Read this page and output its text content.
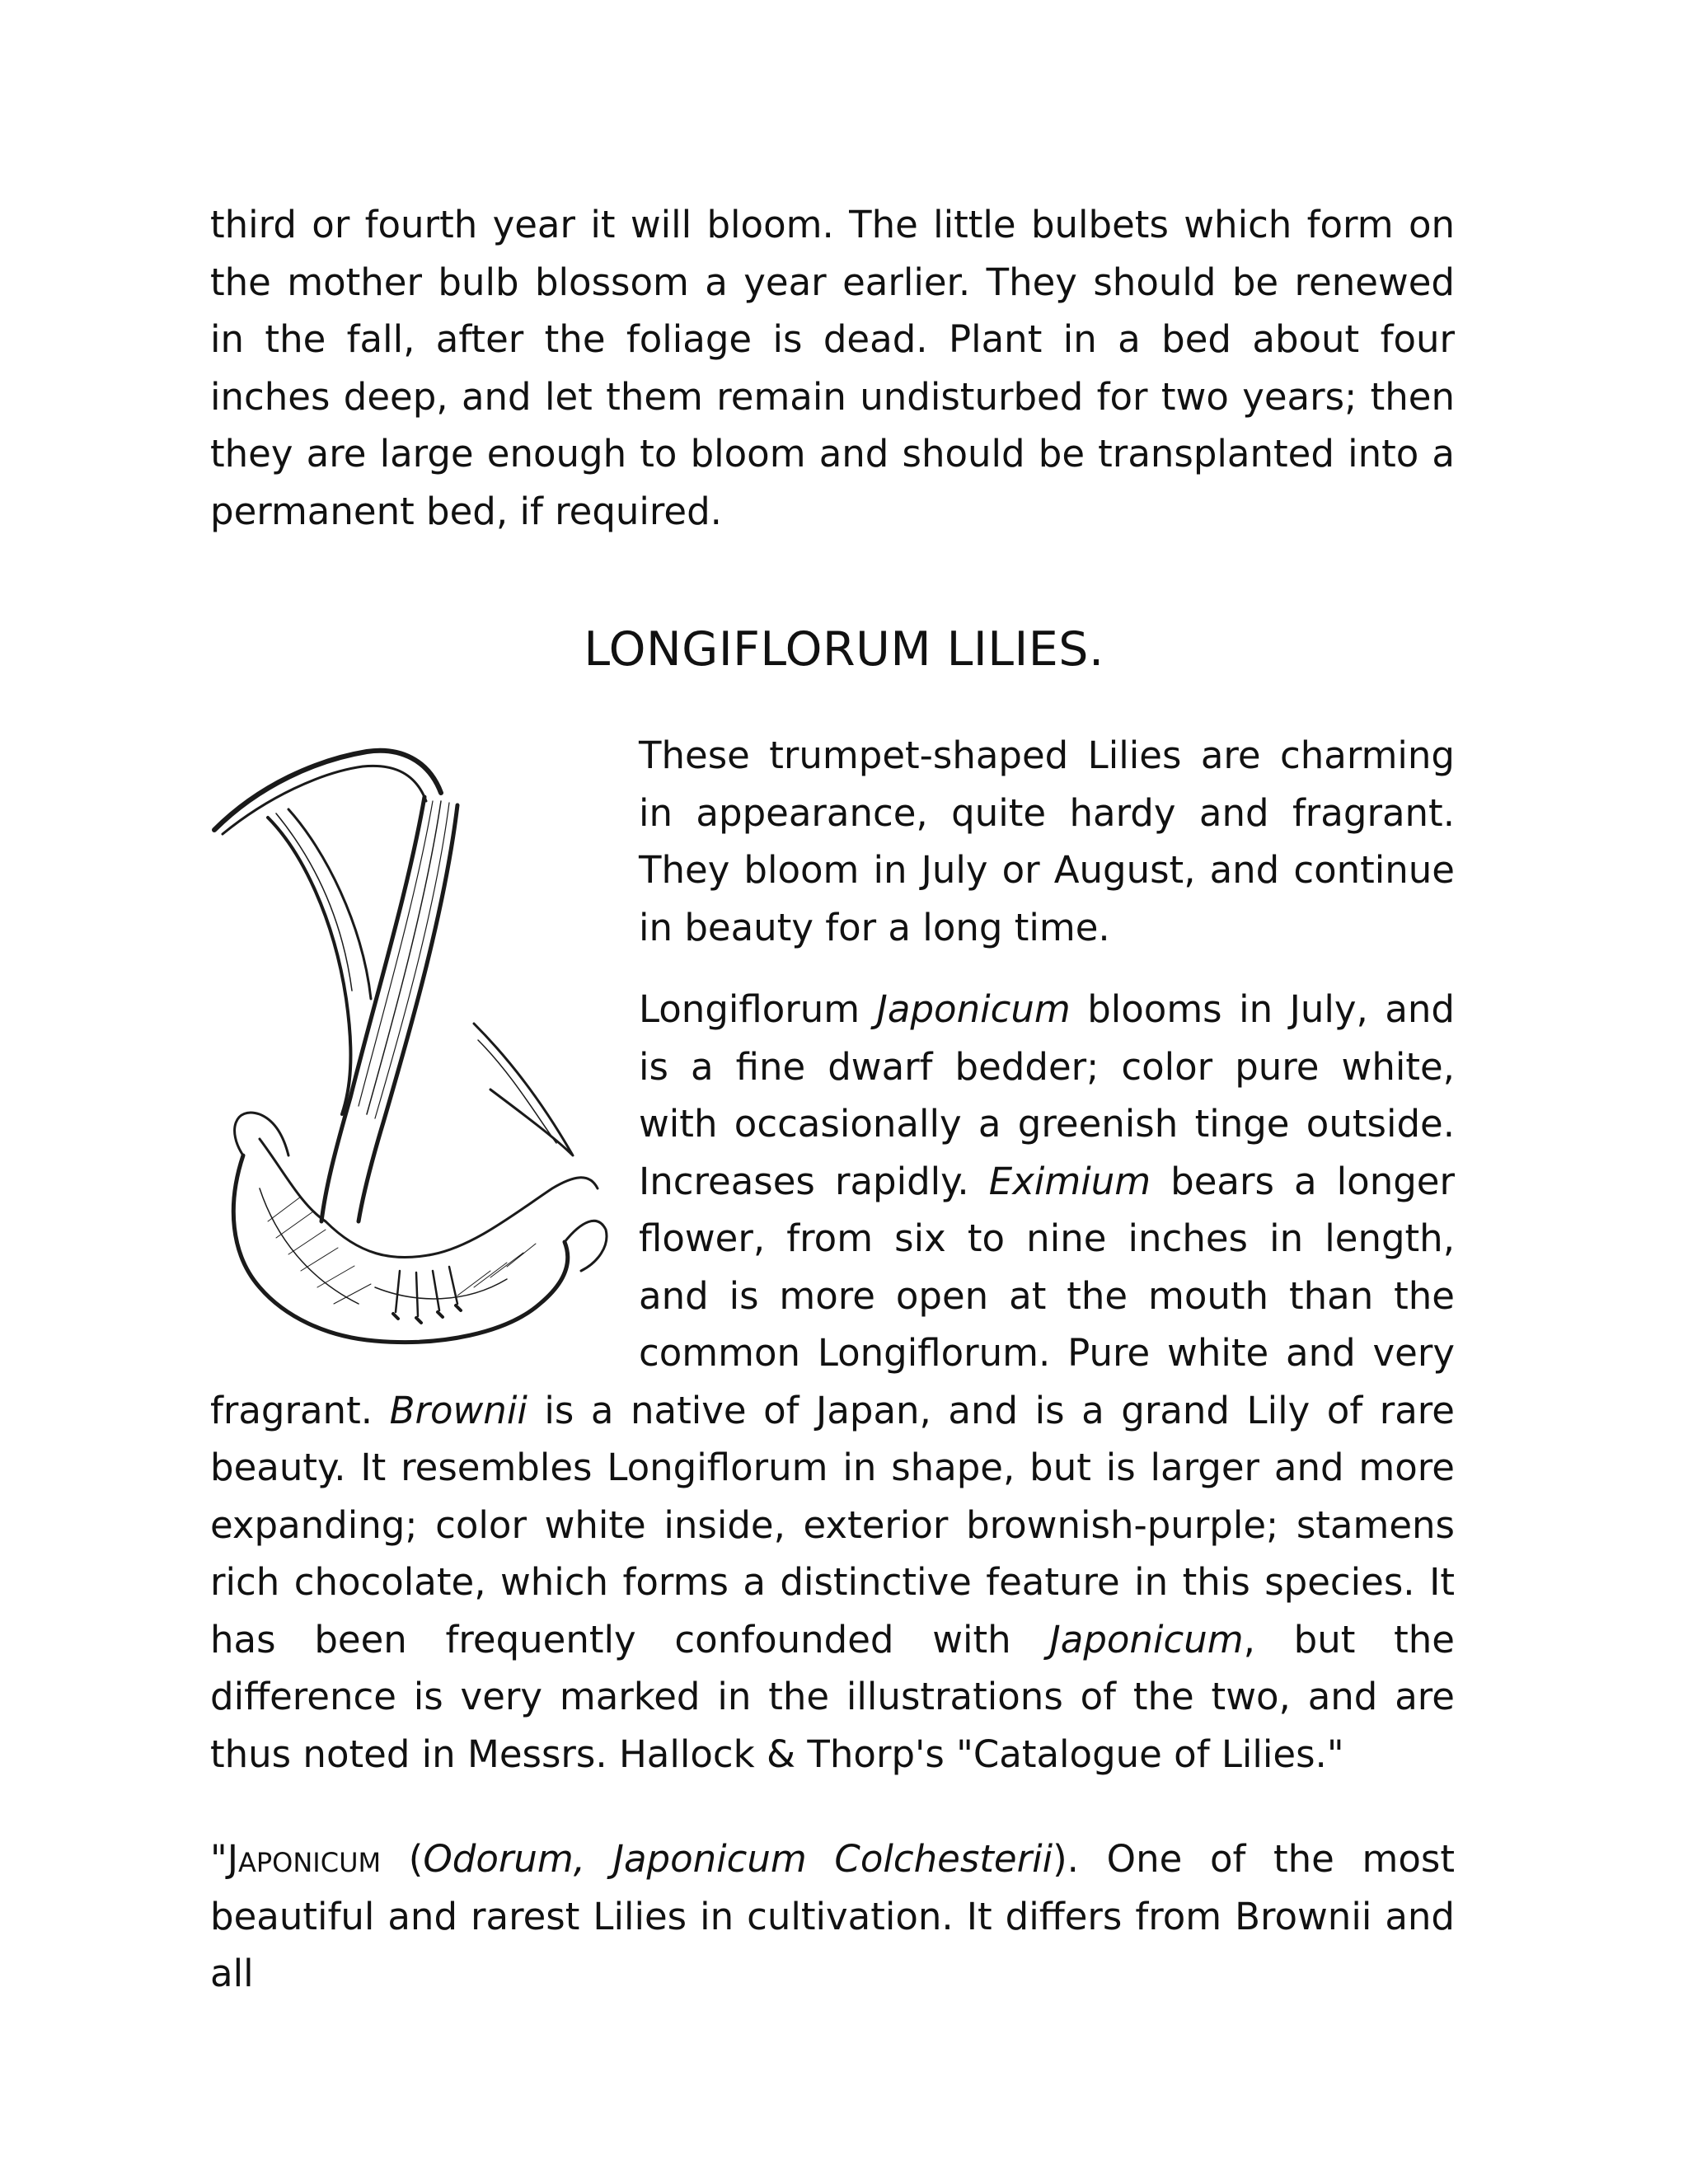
third or fourth year it will bloom. The little bulbets which form on the mother bulb blossom a year earlier. They should be renewed in the fall, after the foliage is dead. Plant in a bed about four inches deep, and let them remain undisturbed for two years; then they are large enough to bloom and should be transplanted into a permanent bed, if required.

LONGIFLORUM LILIES.

These trumpet-shaped Lilies are charming in appearance, quite hardy and fragrant. They bloom in July or August, and continue in beauty for a long time.

Longiflorum Japonicum blooms in July, and is a fine dwarf bedder; color pure white, with occasionally a greenish tinge outside. Increases rapidly. Eximium bears a longer flower, from six to nine inches in length, and is more open at the mouth than the common Longiflorum. Pure white and very fragrant. Brownii is a native of Japan, and is a grand Lily of rare beauty. It resembles Longiflorum in shape, but is larger and more expanding; color white inside, exterior brownish-purple; stamens rich chocolate, which forms a distinctive feature in this species. It has been frequently confounded with Japonicum, but the difference is very marked in the illustrations of the two, and are thus noted in Messrs. Hallock & Thorp's "Catalogue of Lilies."

"Japonicum (Odorum, Japonicum Colchesterii). One of the most beautiful and rarest Lilies in cultivation. It differs from Brownii and all
